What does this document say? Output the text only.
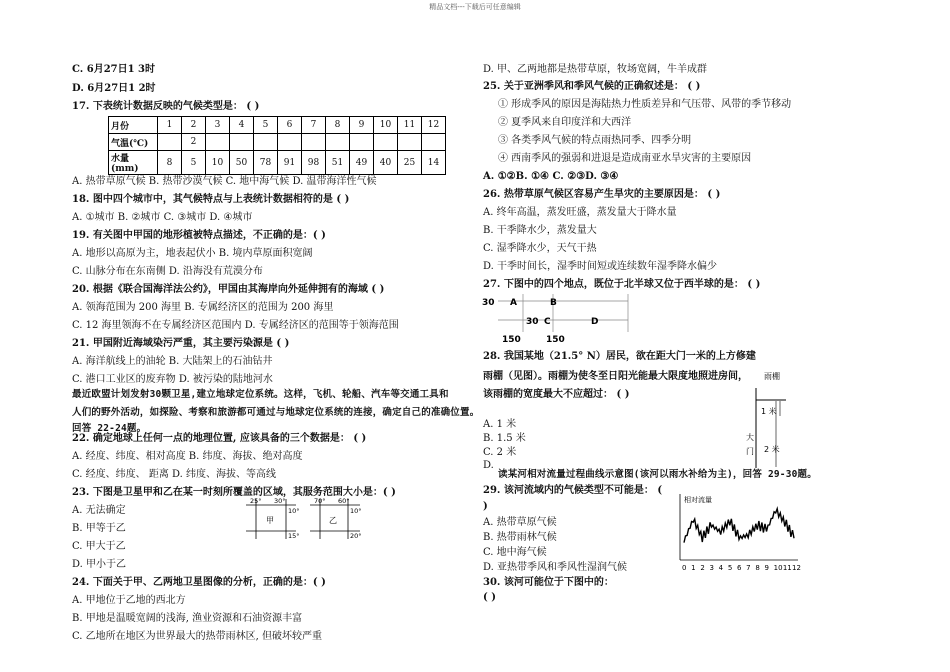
精品文档---下载后可任意编辑
C. 6月27日1 3时
D. 6月27日1 2时
17. 下表统计数据反映的气候类型是： ( )
A. 热带草原气候 B. 热带沙漠气候 C. 地中海气候 D. 温带海洋性气候
18. 图中四个城市中，其气候特点与上表统计数据相符的是 ( )
A. ①城市 B. ②城市 C. ③城市 D. ④城市
19. 有关图中甲国的地形植被特点描述，不正确的是：( )
A. 地形以高原为主，地表起伏小 B. 境内草原面积宽阔
C. 山脉分布在东南侧 D. 沿海没有荒漠分布
20. 根据《联合国海洋法公约》，甲国由其海岸向外延伸拥有的海域 ( )
A. 领海范围为 200 海里 B. 专属经济区的范围为 200 海里
C. 12 海里领海不在专属经济区范围内 D. 专属经济区的范围等于领海范围
21. 甲国附近海域染污严重，其主要污染源是 ( )
A. 海洋航线上的油轮 B. 大陆架上的石油钻井
C. 港口工业区的废弃物 D. 被污染的陆地河水
22. 确定地球上任何一点的地理位置, 应该具备的三个数据是： ( )
A. 经度、纬度、相对高度 B. 纬度、海拔、绝对高度
C. 经度、纬度、 距离 D. 纬度、海拔、等高线
23. 下图是卫星甲和乙在某一时刻所覆盖的区域，其服务范围大小是：( )
A. 无法确定
B. 甲等于乙
C. 甲大于乙
D. 甲小于乙
24. 下面关于甲、乙两地卫星图像的分析，正确的是：( )
A. 甲地位于乙地的西北方
B. 甲地是温暖宽阔的浅海, 渔业资源和石油资源丰富
C. 乙地所在地区为世界最大的热带雨林区, 但破坏较严重
最近欧盟计划发射30颗卫星,建立地球定位系统。这样，飞机、轮船、汽车等交通工具和
人们的野外活动，如探险、考察和旅游都可通过与地球定位系统的连接，确定自己的准确位置。
回答 22-24题。
月份	1	2	3	4	5	6	7	8	9	10	11	12
气温(℃)		2										
水量(mm)	8	5	10	50	78	91	98	51	49	40	25	14
25° 30°
10°
15°
甲
70° 60°
10°
20°
乙
D. 甲、乙两地都是热带草原，牧场宽阔，牛羊成群
25. 关于亚洲季风和季风气候的正确叙述是： ( )
① 形成季风的原因是海陆热力性质差异和气压带、风带的季节移动
② 夏季风来自印度洋和大西洋
③ 各类季风气候的特点雨热同季、四季分明
④ 西南季风的强弱和进退是造成南亚水旱灾害的主要原因
A. ①②B. ①④ C. ②③D. ③④
26. 热带草原气候区容易产生旱灾的主要原因是： ( )
A. 终年高温，蒸发旺盛，蒸发量大于降水量
B. 干季降水少，蒸发量大
C. 湿季降水少，天气干热
D. 干季时间长，湿季时间短或连续数年湿季降水偏少
27. 下图中的四个地点，既位于北半球又位于西半球的是： ( )
28. 我国某地（21.5° N）居民，欲在距大门一米的上方修建
雨棚（见图）。雨棚为使冬至日阳光能最大限度地照进房间，
该雨棚的宽度最大不应超过： ( )
A. 1 米
B. 1.5 米
C. 2 米
D.
29. 该河流域内的气候类型不可能是： (
)
A. 热带草原气候
B. 热带雨林气候
C. 地中海气候
D. 亚热带季风和季风性湿润气候
30. 该河可能位于下图中的：
( )
30 A	B
30 C	D
150	150
雨棚
1 米
大
门 2 米
读某河相对流量过程曲线示意图(该河以雨水补给为主)，回答 29-30题。
相对流量
0 1 2 3 4 5 6 7 8 9 10 11 12
